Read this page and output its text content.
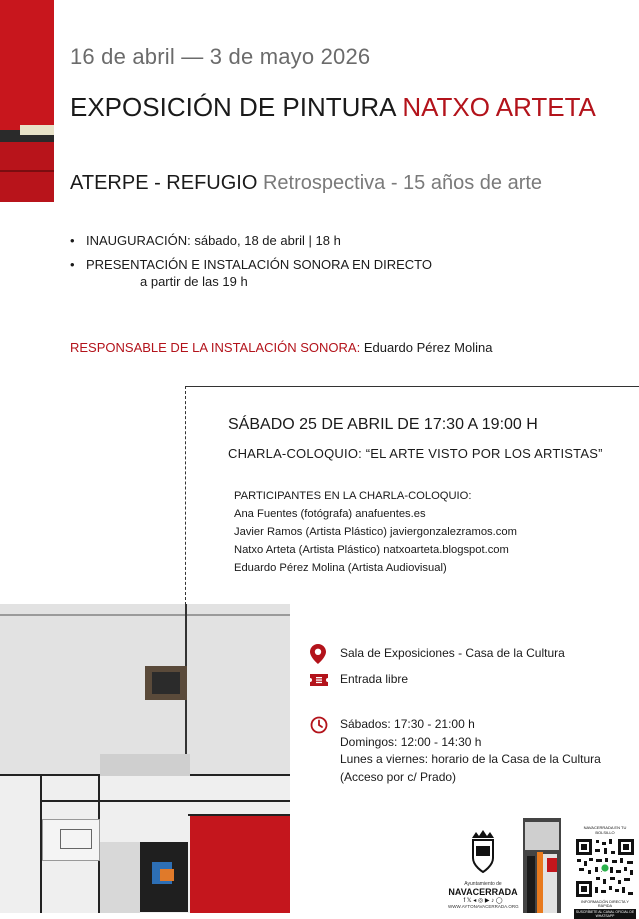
16 de abril — 3 de mayo 2026
EXPOSICIÓN DE PINTURA NATXO ARTETA
ATERPE - REFUGIO Retrospectiva - 15 años de arte
• INAUGURACIÓN: sábado, 18 de abril | 18 h
• PRESENTACIÓN E INSTALACIÓN SONORA EN DIRECTO
a partir de las 19 h
RESPONSABLE DE LA INSTALACIÓN SONORA: Eduardo Pérez Molina
SÁBADO 25 DE ABRIL DE 17:30 A 19:00 H
CHARLA-COLOQUIO: “EL ARTE VISTO POR LOS ARTISTAS”
PARTICIPANTES EN LA CHARLA-COLOQUIO:
Ana Fuentes (fotógrafa) anafuentes.es
Javier Ramos (Artista Plástico) javiergonzalezramos.com
Natxo Arteta (Artista Plástico) natxoarteta.blogspot.com
Eduardo Pérez Molina (Artista Audiovisual)
Sala de Exposiciones - Casa de la Cultura
Entrada libre
Sábados: 17:30 - 21:00 h
Domingos: 12:00 - 14:30 h
Lunes a viernes: horario de la Casa de la Cultura
(Acceso por c/ Prado)
Ayuntamiento de
NAVACERRADA
f 𝕏 ◂ ◎ ▶ ♪ ◯
WWW.AYTONAVACERRADA.ORG
NAVACERRADA EN TU BOLSILLO
INFORMACIÓN DIRECTA Y RÁPIDA
SUSCRÍBETE AL CANAL OFICIAL DE WHATSAPP
